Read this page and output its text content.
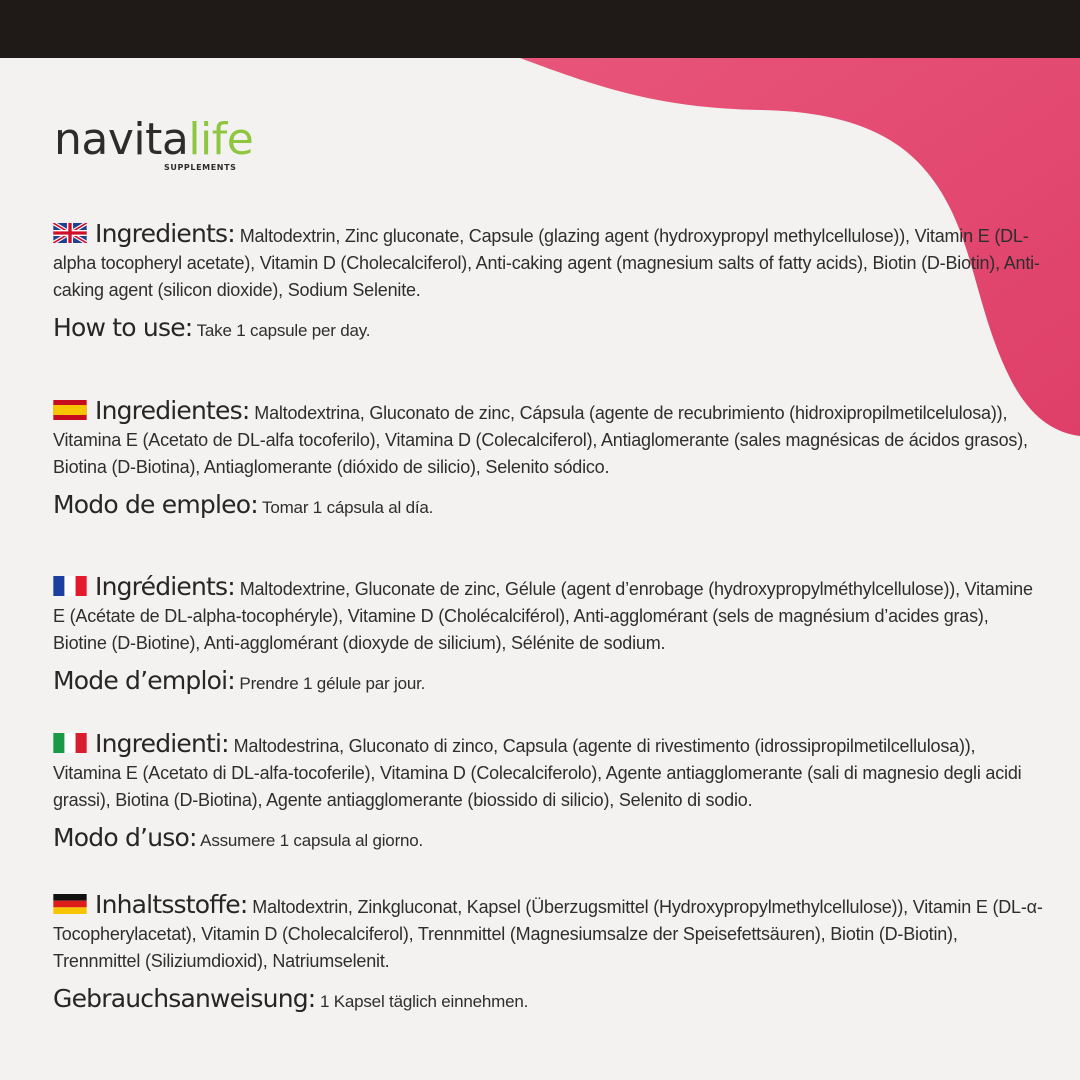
navitalife
SUPPLEMENTS

Ingredients: Maltodextrin, Zinc gluconate, Capsule (glazing agent (hydroxypropyl methylcellulose)), Vitamin E (DL-alpha tocopheryl acetate), Vitamin D (Cholecalciferol), Anti-caking agent (magnesium salts of fatty acids), Biotin (D-Biotin), Anti-caking agent (silicon dioxide), Sodium Selenite.

How to use: Take 1 capsule per day.

Ingredientes: Maltodextrina, Gluconato de zinc, Cápsula (agente de recubrimiento (hidroxipropilmetilcelulosa)), Vitamina E (Acetato de DL-alfa tocoferilo), Vitamina D (Colecalciferol), Antiaglomerante (sales magnésicas de ácidos grasos), Biotina (D-Biotina), Antiaglomerante (dióxido de silicio), Selenito sódico.

Modo de empleo: Tomar 1 cápsula al día.

Ingrédients: Maltodextrine, Gluconate de zinc, Gélule (agent d’enrobage (hydroxypropylméthylcellulose)), Vitamine E (Acétate de DL-alpha-tocophéryle), Vitamine D (Cholécalciférol), Anti-agglomérant (sels de magnésium d’acides gras), Biotine (D-Biotine), Anti-agglomérant (dioxyde de silicium), Sélénite de sodium.

Mode d’emploi: Prendre 1 gélule par jour.

Ingredienti: Maltodestrina, Gluconato di zinco, Capsula (agente di rivestimento (idrossipropilmetilcellulosa)), Vitamina E (Acetato di DL-alfa-tocoferile), Vitamina D (Colecalciferolo), Agente antiagglomerante (sali di magnesio degli acidi grassi), Biotina (D-Biotina), Agente antiagglomerante (biossido di silicio), Selenito di sodio.

Modo d’uso: Assumere 1 capsula al giorno.

Inhaltsstoffe: Maltodextrin, Zinkgluconat, Kapsel (Überzugsmittel (Hydroxypropylmethylcellulose)), Vitamin E (DL-α-Tocopherylacetat), Vitamin D (Cholecalciferol), Trennmittel (Magnesiumsalze der Speisefettsäuren), Biotin (D-Biotin), Trennmittel (Siliziumdioxid), Natriumselenit.

Gebrauchsanweisung: 1 Kapsel täglich einnehmen.
